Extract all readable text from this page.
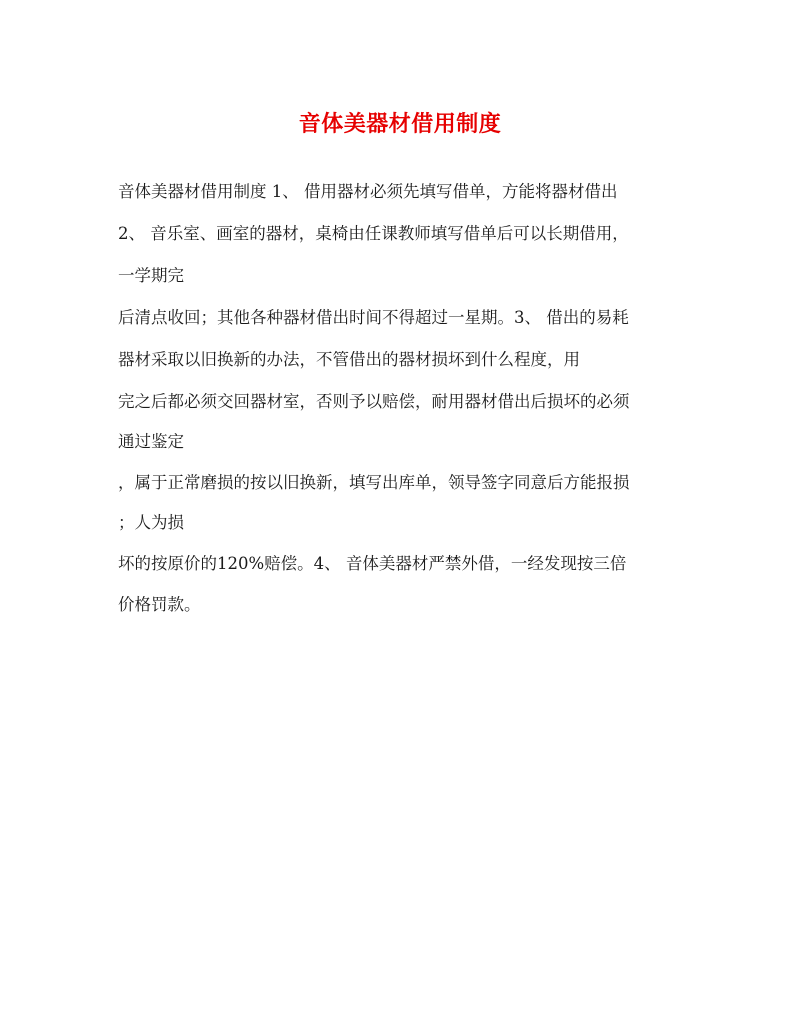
音体美器材借用制度
音体美器材借用制度 1、 借用器材必须先填写借单，方能将器材借出
2、 音乐室、画室的器材，桌椅由任课教师填写借单后可以长期借用，
一学期完
后清点收回；其他各种器材借出时间不得超过一星期。3、 借出的易耗
器材采取以旧换新的办法，不管借出的器材损坏到什么程度，用
完之后都必须交回器材室，否则予以赔偿，耐用器材借出后损坏的必须
通过鉴定
，属于正常磨损的按以旧换新，填写出库单，领导签字同意后方能报损
；人为损
坏的按原价的120%赔偿。4、 音体美器材严禁外借，一经发现按三倍
价格罚款。
